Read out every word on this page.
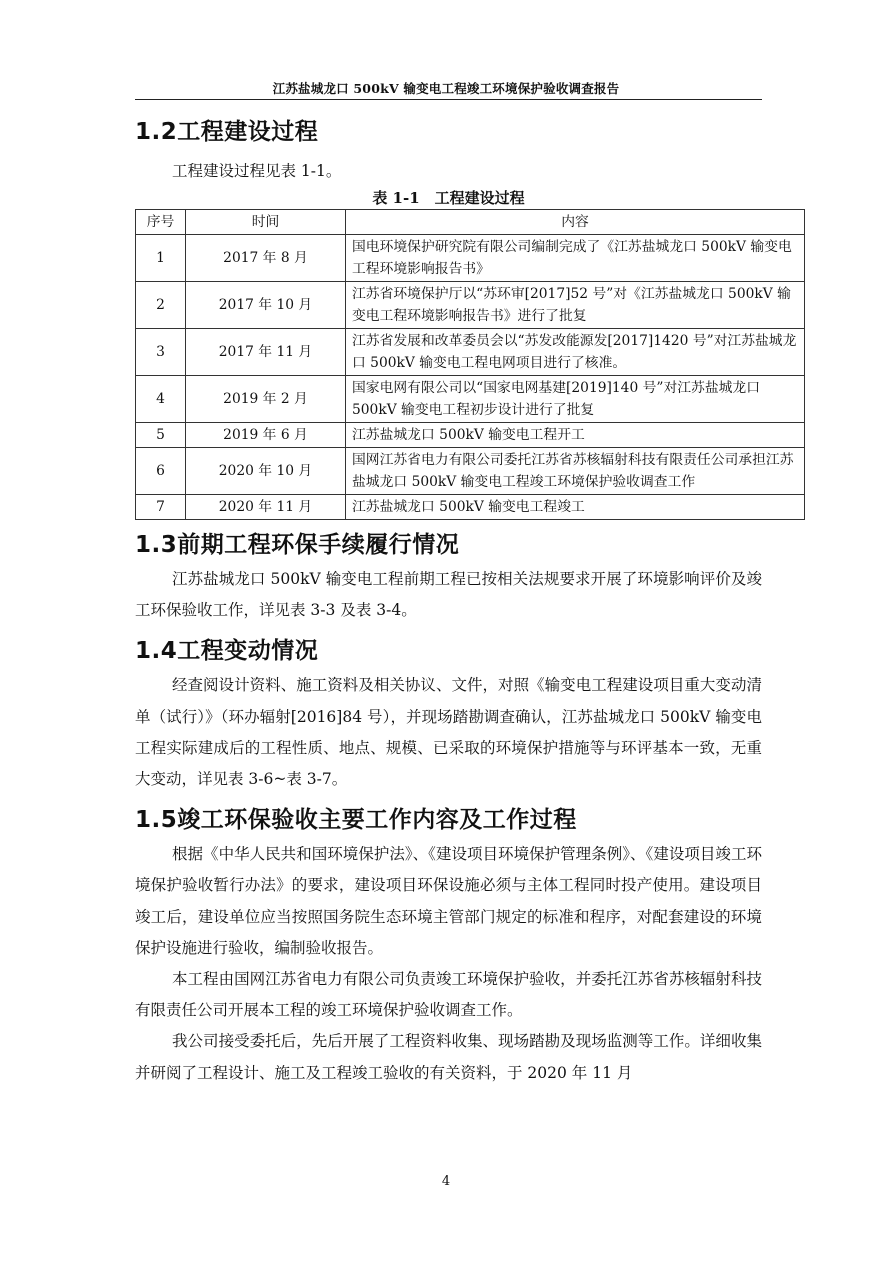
江苏盐城龙口 500kV 输变电工程竣工环境保护验收调查报告
1.2工程建设过程

工程建设过程见表 1-1。

表 1-1　工程建设过程

序号	时间	内容
1	2017 年 8 月	国电环境保护研究院有限公司编制完成了《江苏盐城龙口 500kV 输变电工程环境影响报告书》
2	2017 年 10 月	江苏省环境保护厅以“苏环审[2017]52 号”对《江苏盐城龙口 500kV 输变电工程环境影响报告书》进行了批复
3	2017 年 11 月	江苏省发展和改革委员会以“苏发改能源发[2017]1420 号”对江苏盐城龙口 500kV 输变电工程电网项目进行了核准。
4	2019 年 2 月	国家电网有限公司以“国家电网基建[2019]140 号”对江苏盐城龙口 500kV 输变电工程初步设计进行了批复
5	2019 年 6 月	江苏盐城龙口 500kV 输变电工程开工
6	2020 年 10 月	国网江苏省电力有限公司委托江苏省苏核辐射科技有限责任公司承担江苏盐城龙口 500kV 输变电工程竣工环境保护验收调查工作
7	2020 年 11 月	江苏盐城龙口 500kV 输变电工程竣工
1.3前期工程环保手续履行情况

江苏盐城龙口 500kV 输变电工程前期工程已按相关法规要求开展了环境影响评价及竣工环保验收工作，详见表 3-3 及表 3-4。

1.4工程变动情况

经查阅设计资料、施工资料及相关协议、文件，对照《输变电工程建设项目重大变动清单（试行）》（环办辐射[2016]84 号），并现场踏勘调查确认，江苏盐城龙口 500kV 输变电工程实际建成后的工程性质、地点、规模、已采取的环境保护措施等与环评基本一致，无重大变动，详见表 3-6~表 3-7。

1.5竣工环保验收主要工作内容及工作过程

根据《中华人民共和国环境保护法》、《建设项目环境保护管理条例》、《建设项目竣工环境保护验收暂行办法》的要求，建设项目环保设施必须与主体工程同时投产使用。建设项目竣工后，建设单位应当按照国务院生态环境主管部门规定的标准和程序，对配套建设的环境保护设施进行验收，编制验收报告。

本工程由国网江苏省电力有限公司负责竣工环境保护验收，并委托江苏省苏核辐射科技有限责任公司开展本工程的竣工环境保护验收调查工作。

我公司接受委托后，先后开展了工程资料收集、现场踏勘及现场监测等工作。详细收集并研阅了工程设计、施工及工程竣工验收的有关资料，于 2020 年 11 月

4
